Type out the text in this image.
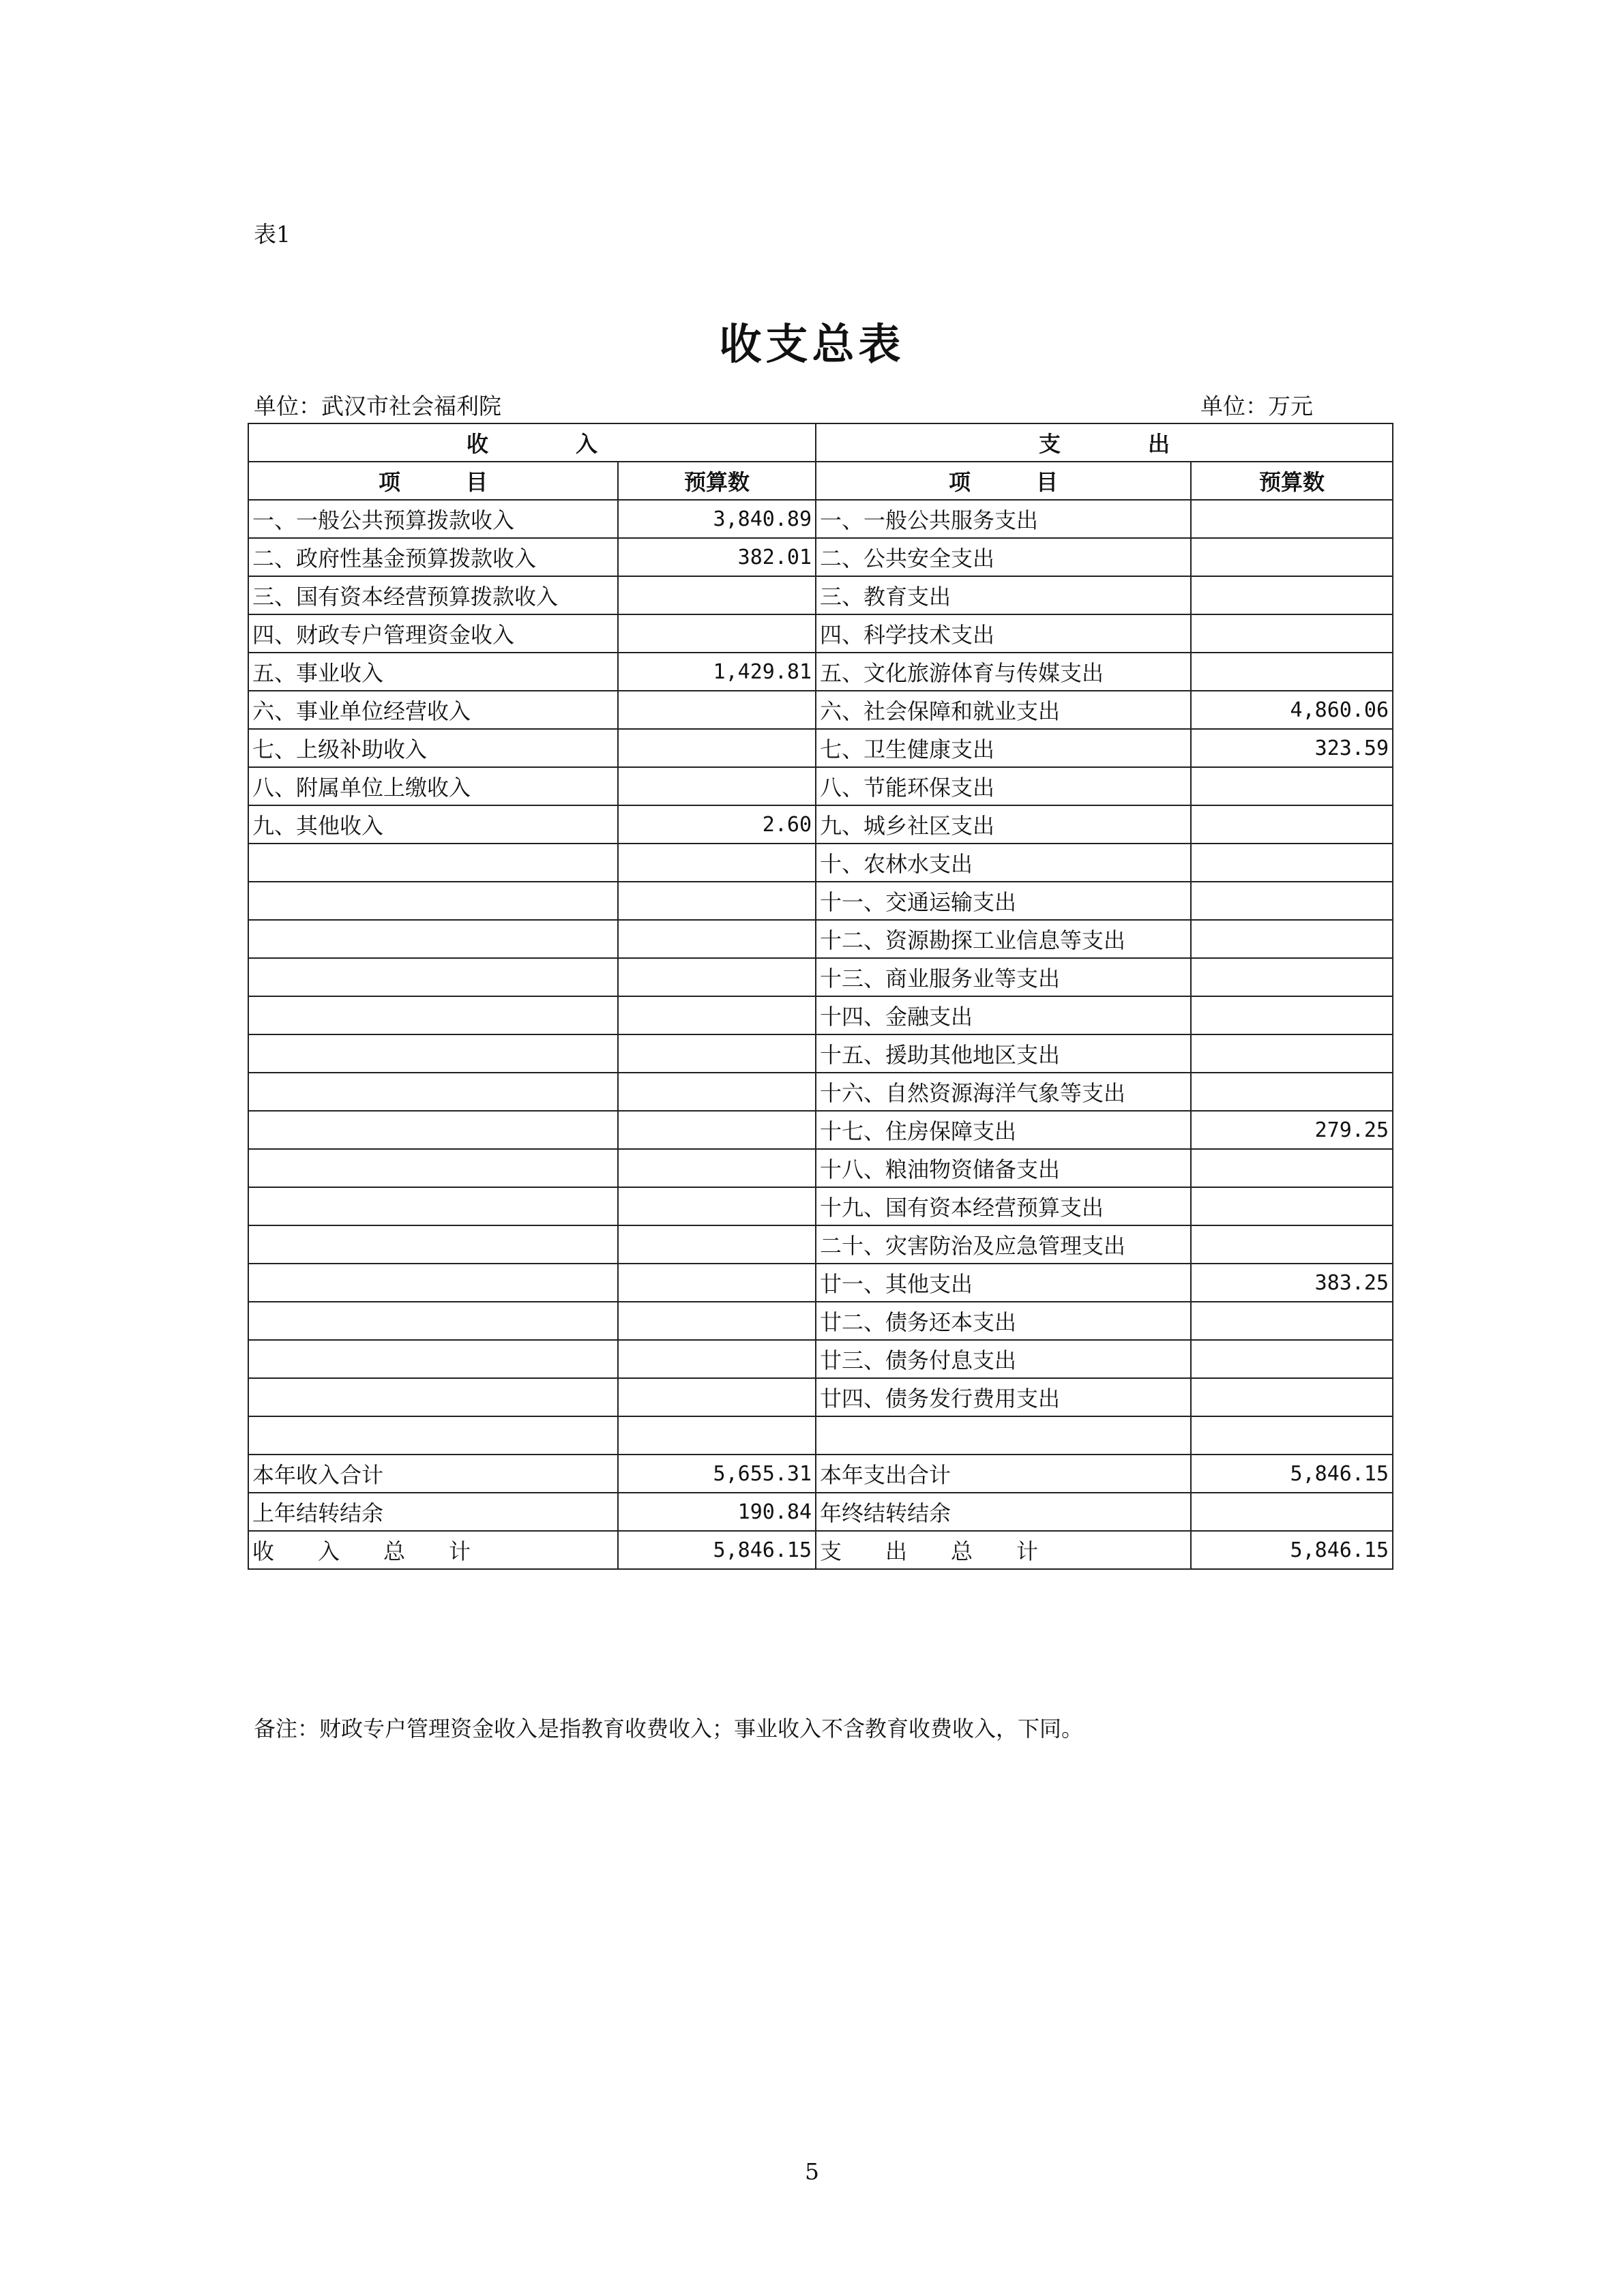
表1
收支总表
单位：武汉市社会福利院	单位：万元
收　　　　入		支　　　　出	
项　　　目	预算数	项　　　目	预算数
一、一般公共预算拨款收入	3,840.89	一、一般公共服务支出	
二、政府性基金预算拨款收入	382.01	二、公共安全支出	
三、国有资本经营预算拨款收入		三、教育支出	
四、财政专户管理资金收入		四、科学技术支出	
五、事业收入	1,429.81	五、文化旅游体育与传媒支出	
六、事业单位经营收入		六、社会保障和就业支出	4,860.06
七、上级补助收入		七、卫生健康支出	323.59
八、附属单位上缴收入		八、节能环保支出	
九、其他收入	2.60	九、城乡社区支出	
		十、农林水支出	
		十一、交通运输支出	
		十二、资源勘探工业信息等支出	
		十三、商业服务业等支出	
		十四、金融支出	
		十五、援助其他地区支出	
		十六、自然资源海洋气象等支出	
		十七、住房保障支出	279.25
		十八、粮油物资储备支出	
		十九、国有资本经营预算支出	
		二十、灾害防治及应急管理支出	
		廿一、其他支出	383.25
		廿二、债务还本支出	
		廿三、债务付息支出	
		廿四、债务发行费用支出	

本年收入合计	5,655.31	本年支出合计	5,846.15
上年结转结余	190.84	年终结转结余	
收　　入　　总　　计	5,846.15	支　　出　　总　　计	5,846.15
备注：财政专户管理资金收入是指教育收费收入；事业收入不含教育收费收入，下同。
5
